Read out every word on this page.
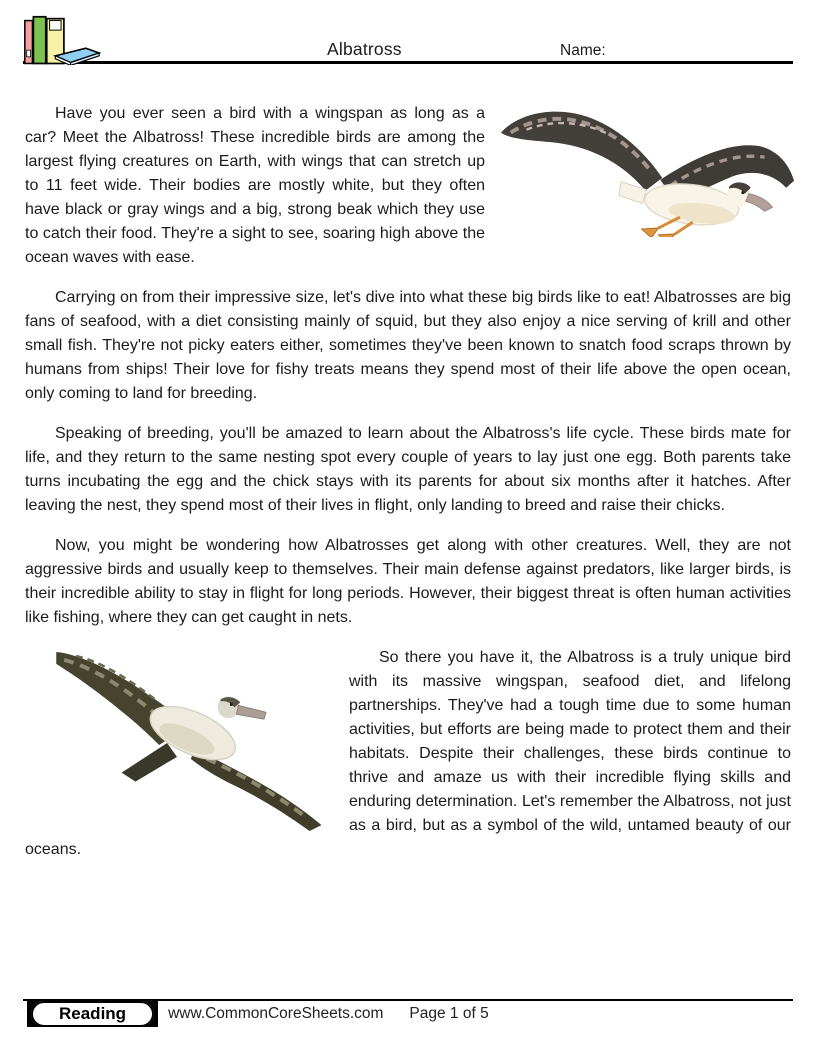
Albatross	Name:

Have you ever seen a bird with a wingspan as long as a car? Meet the Albatross! These incredible birds are among the largest flying creatures on Earth, with wings that can stretch up to 11 feet wide. Their bodies are mostly white, but they often have black or gray wings and a big, strong beak which they use to catch their food. They're a sight to see, soaring high above the ocean waves with ease.

Carrying on from their impressive size, let's dive into what these big birds like to eat! Albatrosses are big fans of seafood, with a diet consisting mainly of squid, but they also enjoy a nice serving of krill and other small fish. They're not picky eaters either, sometimes they've been known to snatch food scraps thrown by humans from ships! Their love for fishy treats means they spend most of their life above the open ocean, only coming to land for breeding.

Speaking of breeding, you'll be amazed to learn about the Albatross's life cycle. These birds mate for life, and they return to the same nesting spot every couple of years to lay just one egg. Both parents take turns incubating the egg and the chick stays with its parents for about six months after it hatches. After leaving the nest, they spend most of their lives in flight, only landing to breed and raise their chicks.

Now, you might be wondering how Albatrosses get along with other creatures. Well, they are not aggressive birds and usually keep to themselves. Their main defense against predators, like larger birds, is their incredible ability to stay in flight for long periods. However, their biggest threat is often human activities like fishing, where they can get caught in nets.

So there you have it, the Albatross is a truly unique bird with its massive wingspan, seafood diet, and lifelong partnerships. They've had a tough time due to some human activities, but efforts are being made to protect them and their habitats. Despite their challenges, these birds continue to thrive and amaze us with their incredible flying skills and enduring determination. Let's remember the Albatross, not just as a bird, but as a symbol of the wild, untamed beauty of our oceans.

Reading	www.CommonCoreSheets.com Page 1 of 5
